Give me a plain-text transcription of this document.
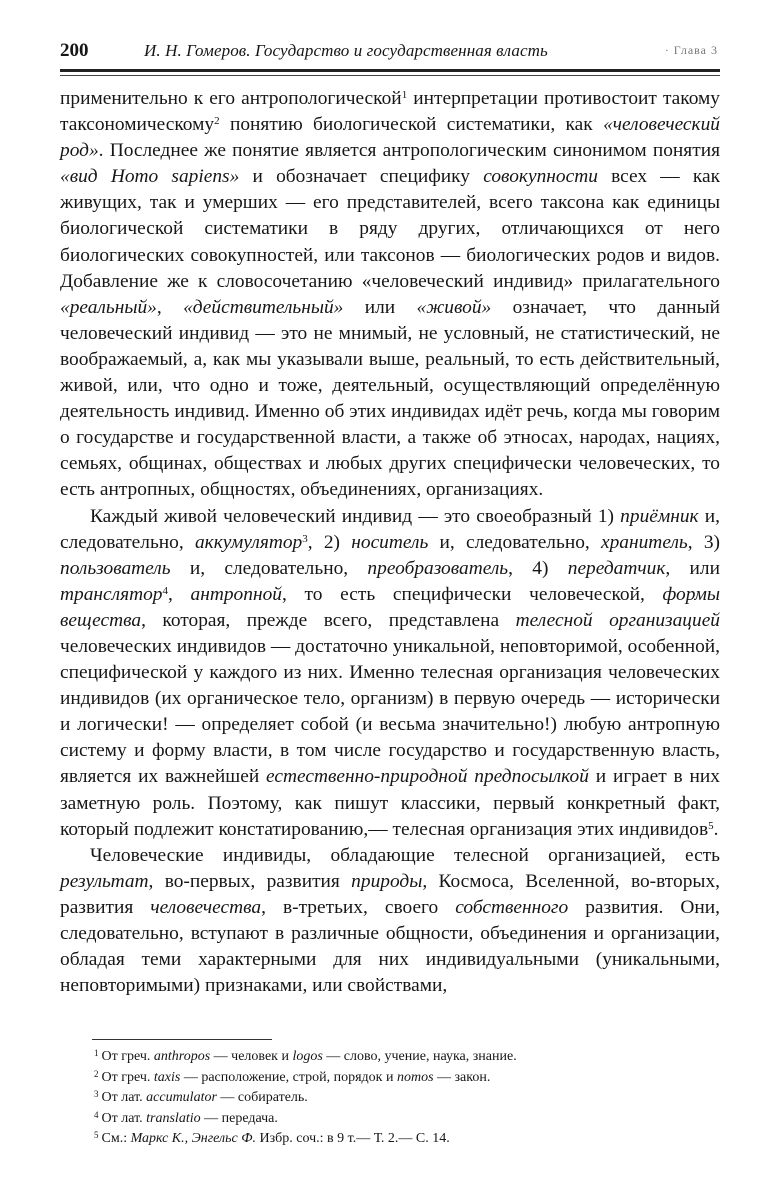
200	И. Н. Гомеров. Государство и государственная власть	· Глава 3

применительно к его антропологической$^1$ интерпретации противостоит такому таксономическому$^2$ понятию биологической систематики, как «человеческий род». Последнее же понятие является антропологическим синонимом понятия «вид Homo sapiens» и обозначает специфику совокупности всех — как живущих, так и умерших — его представителей, всего таксона как единицы биологической систематики в ряду других, отличающихся от него биологических совокупностей, или таксонов — биологических родов и видов. Добавление же к словосочетанию «человеческий индивид» прилагательного «реальный», «действительный» или «живой» означает, что данный человеческий индивид — это не мнимый, не условный, не статистический, не воображаемый, а, как мы указывали выше, реальный, то есть действительный, живой, или, что одно и тоже, деятельный, осуществляющий определённую деятельность индивид. Именно об этих индивидах идёт речь, когда мы говорим о государстве и государственной власти, а также об этносах, народах, нациях, семьях, общинах, обществах и любых других специфически человеческих, то есть антропных, общностях, объединениях, организациях.

Каждый живой человеческий индивид — это своеобразный 1) приёмник и, следовательно, аккумулятор$^3$, 2) носитель и, следовательно, хранитель, 3) пользователь и, следовательно, преобразователь, 4) передатчик, или транслятор$^4$, антропной, то есть специфически человеческой, формы вещества, которая, прежде всего, представлена телесной организацией человеческих индивидов — достаточно уникальной, неповторимой, особенной, специфической у каждого из них. Именно телесная организация человеческих индивидов (их органическое тело, организм) в первую очередь — исторически и логически! — определяет собой (и весьма значительно!) любую антропную систему и форму власти, в том числе государство и государственную власть, является их важнейшей естественно-природной предпосылкой и играет в них заметную роль. Поэтому, как пишут классики, первый конкретный факт, который подлежит констатированию,— телесная организация этих индивидов$^5$.

Человеческие индивиды, обладающие телесной организацией, есть результат, во-первых, развития природы, Космоса, Вселенной, во-вторых, развития человечества, в-третьих, своего собственного развития. Они, следовательно, вступают в различные общности, объединения и организации, обладая теми характерными для них индивидуальными (уникальными, неповторимыми) признаками, или свойствами,

$^1$ От греч. anthropos — человек и logos — слово, учение, наука, знание.
$^2$ От греч. taxis — расположение, строй, порядок и nomos — закон.
$^3$ От лат. accumulator — собиратель.
$^4$ От лат. translatio — передача.
$^5$ См.: Маркс К., Энгельс Ф. Избр. соч.: в 9 т.— Т. 2.— С. 14.
